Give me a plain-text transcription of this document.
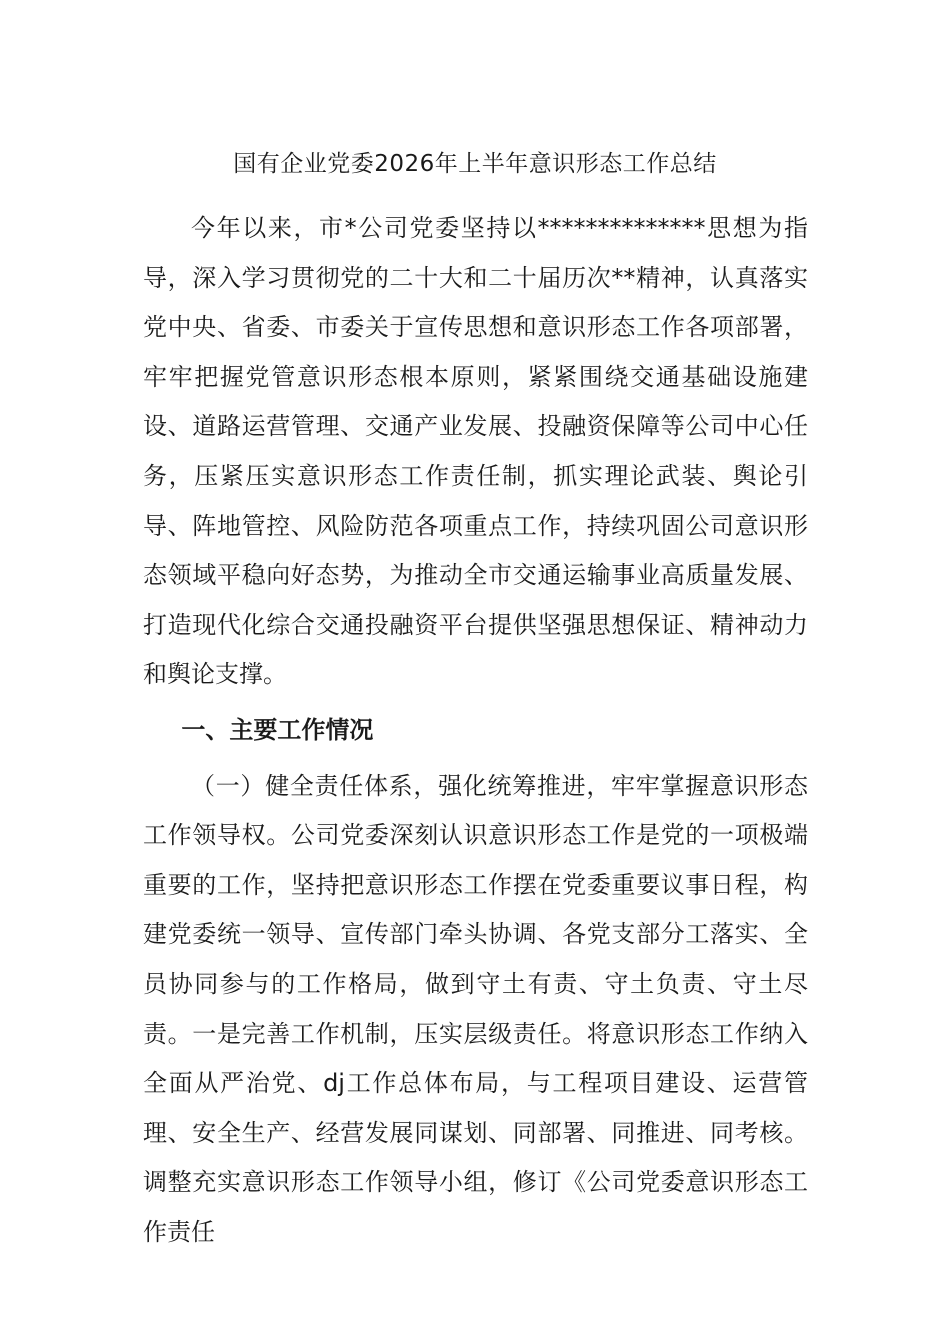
国有企业党委2026年上半年意识形态工作总结

今年以来，市*公司党委坚持以**************思想为指导，深入学习贯彻党的二十大和二十届历次**精神，认真落实党中央、省委、市委关于宣传思想和意识形态工作各项部署，牢牢把握党管意识形态根本原则，紧紧围绕交通基础设施建设、道路运营管理、交通产业发展、投融资保障等公司中心任务，压紧压实意识形态工作责任制，抓实理论武装、舆论引导、阵地管控、风险防范各项重点工作，持续巩固公司意识形态领域平稳向好态势，为推动全市交通运输事业高质量发展、打造现代化综合交通投融资平台提供坚强思想保证、精神动力和舆论支撑。

一、主要工作情况

（一）健全责任体系，强化统筹推进，牢牢掌握意识形态工作领导权。公司党委深刻认识意识形态工作是党的一项极端重要的工作，坚持把意识形态工作摆在党委重要议事日程，构建党委统一领导、宣传部门牵头协调、各党支部分工落实、全员协同参与的工作格局，做到守土有责、守土负责、守土尽责。一是完善工作机制，压实层级责任。将意识形态工作纳入全面从严治党、dj工作总体布局，与工程项目建设、运营管理、安全生产、经营发展同谋划、同部署、同推进、同考核。调整充实意识形态工作领导小组，修订《公司党委意识形态工作责任
